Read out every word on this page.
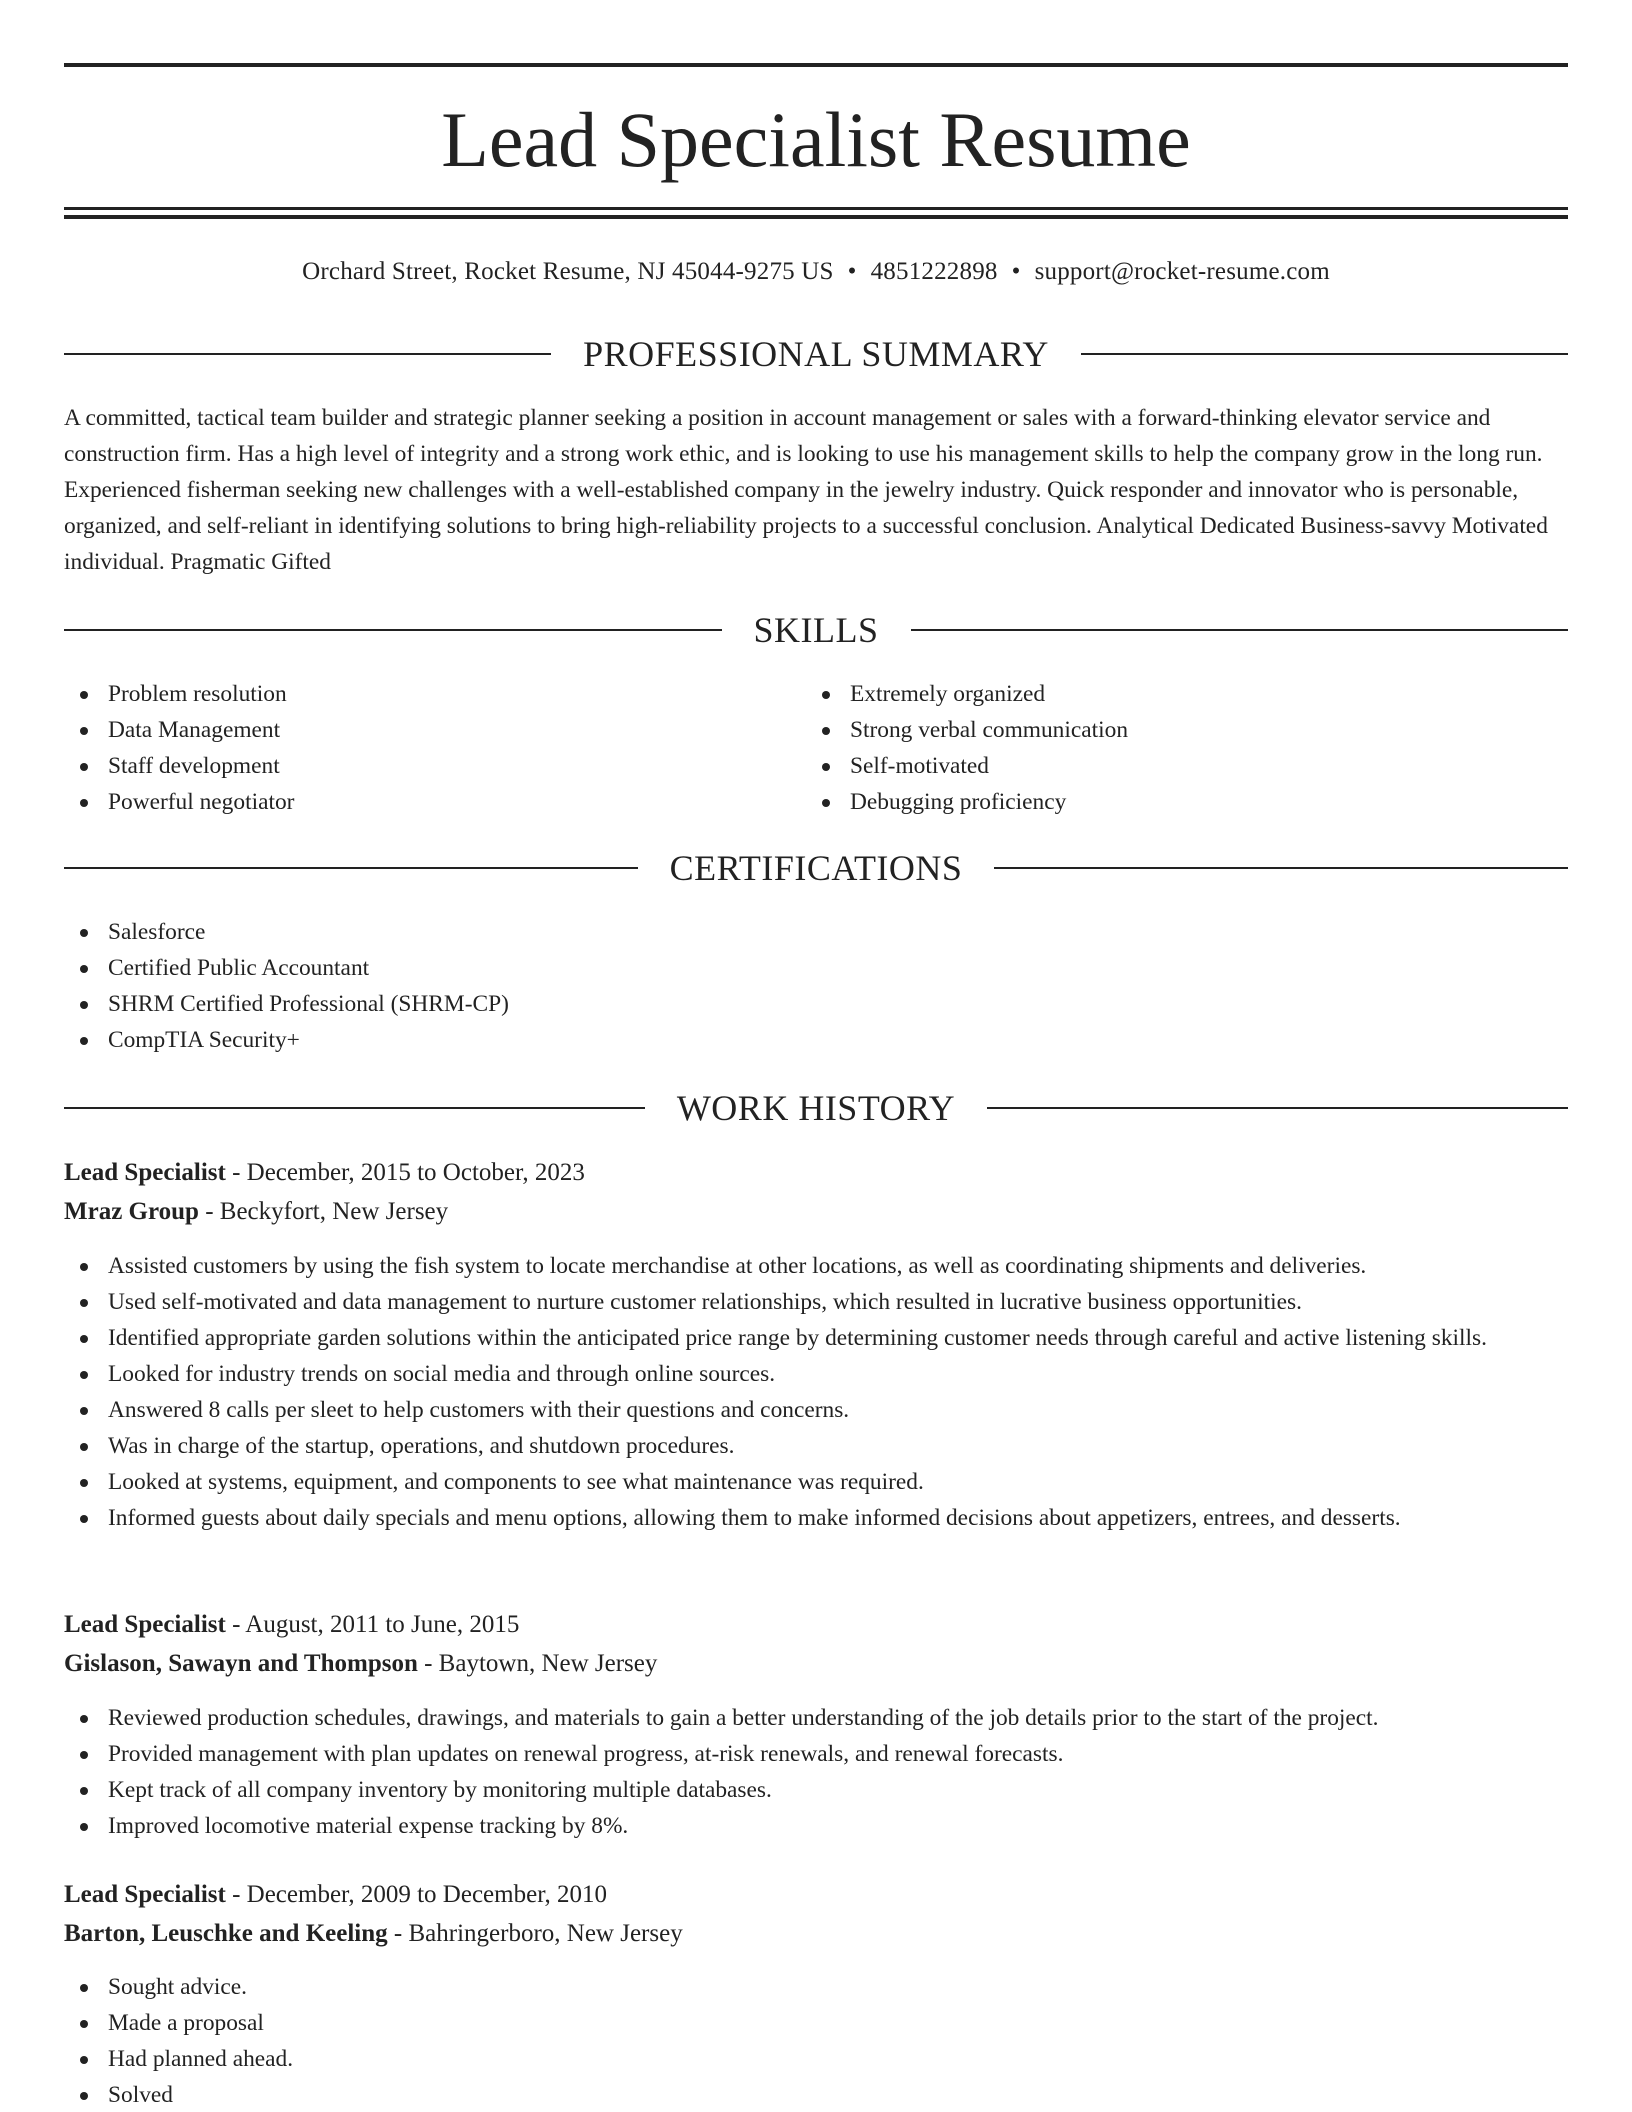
Lead Specialist Resume
Orchard Street, Rocket Resume, NJ 45044-9275 US • 4851222898 • support@rocket-resume.com
PROFESSIONAL SUMMARY

A committed, tactical team builder and strategic planner seeking a position in account management or sales with a forward-thinking elevator service and construction firm. Has a high level of integrity and a strong work ethic, and is looking to use his management skills to help the company grow in the long run. Experienced fisherman seeking new challenges with a well-established company in the jewelry industry. Quick responder and innovator who is personable, organized, and self-reliant in identifying solutions to bring high-reliability projects to a successful conclusion. Analytical Dedicated Business-savvy Motivated individual. Pragmatic Gifted

SKILLS
Problem resolution
Data Management
Staff development
Powerful negotiator
Extremely organized
Strong verbal communication
Self-motivated
Debugging proficiency
CERTIFICATIONS
Salesforce
Certified Public Accountant
SHRM Certified Professional (SHRM-CP)
CompTIA Security+
WORK HISTORY
Lead Specialist - December, 2015 to October, 2023
Mraz Group - Beckyfort, New Jersey
Assisted customers by using the fish system to locate merchandise at other locations, as well as coordinating shipments and deliveries.
Used self-motivated and data management to nurture customer relationships, which resulted in lucrative business opportunities.
Identified appropriate garden solutions within the anticipated price range by determining customer needs through careful and active listening skills.
Looked for industry trends on social media and through online sources.
Answered 8 calls per sleet to help customers with their questions and concerns.
Was in charge of the startup, operations, and shutdown procedures.
Looked at systems, equipment, and components to see what maintenance was required.
Informed guests about daily specials and menu options, allowing them to make informed decisions about appetizers, entrees, and desserts.
Lead Specialist - August, 2011 to June, 2015
Gislason, Sawayn and Thompson - Baytown, New Jersey
Reviewed production schedules, drawings, and materials to gain a better understanding of the job details prior to the start of the project.
Provided management with plan updates on renewal progress, at-risk renewals, and renewal forecasts.
Kept track of all company inventory by monitoring multiple databases.
Improved locomotive material expense tracking by 8%.
Lead Specialist - December, 2009 to December, 2010
Barton, Leuschke and Keeling - Bahringerboro, New Jersey
Sought advice.
Made a proposal
Had planned ahead.
Solved
